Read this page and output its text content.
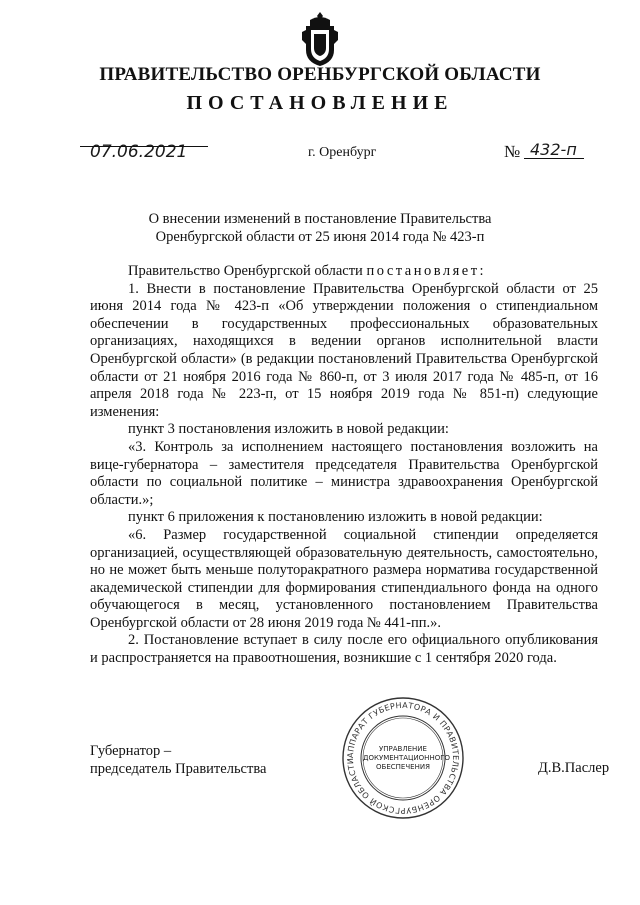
ПРАВИТЕЛЬСТВО ОРЕНБУРГСКОЙ ОБЛАСТИ
ПОСТАНОВЛЕНИЕ
07.06.2021	г. Оренбург	№ 432-п
О внесении изменений в постановление Правительства
Оренбургской области от 25 июня 2014 года № 423-п

Правительство Оренбургской области постановляет:

1. Внести в постановление Правительства Оренбургской области от 25 июня 2014 года № 423-п «Об утверждении положения о стипендиальном обеспечении в государственных профессиональных образовательных организациях, находящихся в ведении органов исполнительной власти Оренбургской области» (в редакции постановлений Правительства Оренбургской области от 21 ноября 2016 года № 860-п, от 3 июля 2017 года № 485-п, от 16 апреля 2018 года № 223-п, от 15 ноября 2019 года № 851-п) следующие изменения:

пункт 3 постановления изложить в новой редакции:

«3. Контроль за исполнением настоящего постановления возложить на вице-губернатора – заместителя председателя Правительства Оренбургской области по социальной политике – министра здравоохранения Оренбургской области.»;

пункт 6 приложения к постановлению изложить в новой редакции:

«6. Размер государственной социальной стипендии определяется организацией, осуществляющей образовательную деятельность, самостоятельно, но не может быть меньше полуторакратного размера норматива государственной академической стипендии для формирования стипендиального фонда на одного обучающегося в месяц, установленного постановлением Правительства Оренбургской области от 28 июня 2019 года № 441-пп.».

2. Постановление вступает в силу после его официального опубликования и распространяется на правоотношения, возникшие с 1 сентября 2020 года.

Губернатор –
председатель Правительства	Д.В.Паслер
АППАРАТ ГУБЕРНАТОРА И ПРАВИТЕЛЬСТВА ОРЕНБУРГСКОЙ ОБЛАСТИ
УПРАВЛЕНИЕ
ДОКУМЕНТАЦИОННОГО
ОБЕСПЕЧЕНИЯ
